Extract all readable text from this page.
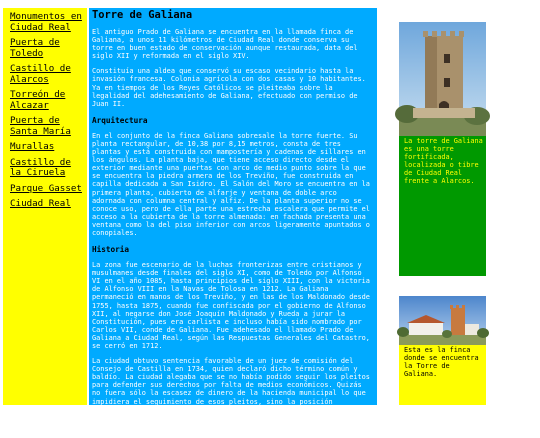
Monumentos en Ciudad Real
Puerta de Toledo
Castillo de Alarcos
Torreón de Alcazar
Puerta de Santa María
Murallas
Castillo de la Ciruela
Parque Gasset
Ciudad Real
Torre de Galiana

El antiguo Prado de Galiana se encuentra en la llamada finca de Galiana, a unos 11 kilómetros de Ciudad Real donde conserva su torre en buen estado de conservación aunque restaurada, data del siglo XII y reformada en el siglo XIV.

Constituía una aldea que conservó su escaso vecindario hasta la invasión francesa. Colonia agrícola con dos casas y 10 habitantes. Ya en tiempos de los Reyes Católicos se pleiteaba sobre la legalidad del adehesamiento de Galiana, efectuado con permiso de Juan II.

Arquitectura

En el conjunto de la finca Galiana sobresale la torre fuerte. Su planta rectangular, de 10,38 por 8,15 metros, consta de tres plantas y está construida con mampostería y cadenas de sillares en los ángulos. La planta baja, que tiene acceso directo desde el exterior mediante una puertas con arco de medio punto sobre la que se encuentra la piedra armera de los Treviño, fue construida en capilla dedicada a San Isidro. El Salón del Moro se encuentra en la primera planta, cubierto de alfarje y ventana de doble arco adornada con columna central y alfiz. De la planta superior no se conoce uso, pero de ella parte una estrecha escalera que permite el acceso a la cubierta de la torre almenada: en fachada presenta una ventana como la del piso inferior con arcos ligeramente apuntados o conopiales.

Historia

La zona fue escenario de la luchas fronterizas entre cristianos y musulmanes desde finales del siglo XI, como de Toledo por Alfonso VI en el año 1085, hasta principios del siglo XIII, con la victoria de Alfonso VIII en la Navas de Tolosa en 1212. La Galiana permaneció en manos de los Treviño, y en las de los Maldonado desde 1755, hasta 1875, cuando fue confiscada por el gobierno de Alfonso XII, al negarse don José Joaquín Maldonado y Rueda a jurar la Constitución, pues era carlista e incluso había sido nombrado por Carlos VII, conde de Galiana. Fue adehesado el llamado Prado de Galiana a Ciudad Real, según las Respuestas Generales del Catastro, se cerró en 1712.

La ciudad obtuvo sentencia favorable de un juez de comisión del Consejo de Castilla en 1734, quien declaró dicho término común y baldío. La ciudad alegaba que se no había podido seguir los pleitos para defender sus derechos por falta de medios económicos. Quizás no fuera sólo la escasez de dinero de la hacienda municipal lo que impidiera el seguimiento de esos pleitos, sino la posición preeminente que en la sociedad ciudarrealeña y dentro del mismo ayuntamiento ocupaban los titulares de estas dehesas. En el XVIII el famoso mayorazgo de Galiana, tras los inevitables pleitos, estaba en

La torre de Galiana es una torre fortificada, localizada o tibre de Ciudad Real frente a Alarcos.
Esta es la finca donde se encuentra la Torre de Galiana.
